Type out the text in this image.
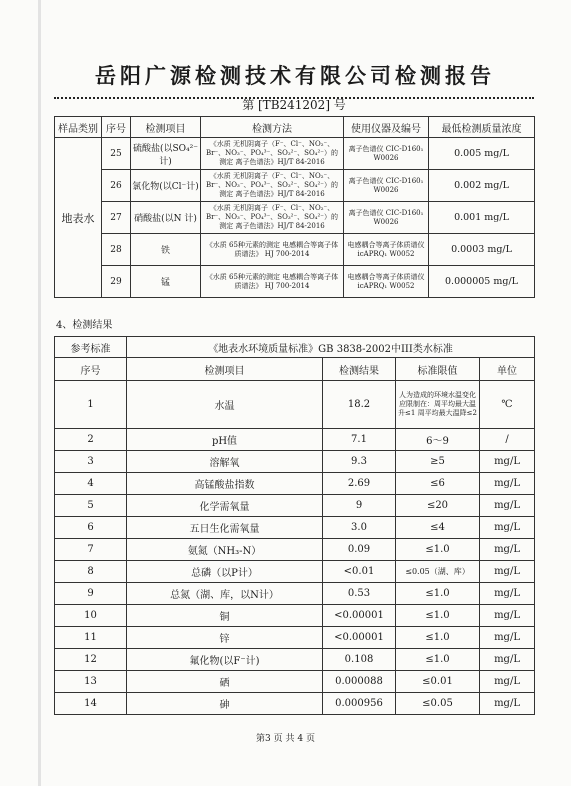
岳阳广源检测技术有限公司检测报告
第 [TB241202] 号
样品类别	序号	检测项目	检测方法	使用仪器及编号	最低检测质量浓度
地表水	25	硫酸盐(以SO₄²⁻计)	《水质 无机阴离子（F⁻、Cl⁻、NO₂⁻、Br⁻、NO₃⁻、PO₄³⁻、SO₃²⁻、SO₄²⁻）的测定 离子色谱法》HJ/T 84-2016	离子色谱仪 CIC-D160₁ W0026	0.005 mg/L
	26	氯化物(以Cl⁻计)	《水质 无机阴离子（F⁻、Cl⁻、NO₂⁻、Br⁻、NO₃⁻、PO₄³⁻、SO₃²⁻、SO₄²⁻）的测定 离子色谱法》HJ/T 84-2016	离子色谱仪 CIC-D160₁ W0026	0.002 mg/L
	27	硝酸盐(以N 计)	《水质 无机阴离子（F⁻、Cl⁻、NO₂⁻、Br⁻、NO₃⁻、PO₄³⁻、SO₃²⁻、SO₄²⁻）的测定 离子色谱法》HJ/T 84-2016	离子色谱仪 CIC-D160₁ W0026	0.001 mg/L
	28	铁	《水质 65种元素的测定 电感耦合等离子体质谱法》 HJ 700-2014	电感耦合等离子体质谱仪icAPRQ₁ W0052	0.0003 mg/L
	29	锰	《水质 65种元素的测定 电感耦合等离子体质谱法》 HJ 700-2014	电感耦合等离子体质谱仪icAPRQ₁ W0052	0.000005 mg/L
4、检测结果
参考标准	《地表水环境质量标准》GB 3838-2002中III类水标准			
序号	检测项目	检测结果	标准限值	单位
1	水温	18.2	人为造成的环境水温变化应限制在：周平均最大温升≤1 周平均最大温降≤2	℃
2	pH值	7.1	6～9	/
3	溶解氧	9.3	≥5	mg/L
4	高锰酸盐指数	2.69	≤6	mg/L
5	化学需氧量	9	≤20	mg/L
6	五日生化需氧量	3.0	≤4	mg/L
7	氨氮（NH₃-N）	0.09	≤1.0	mg/L
8	总磷（以P计）	<0.01	≤0.05（湖、库）	mg/L
9	总氮（湖、库，以N计）	0.53	≤1.0	mg/L
10	铜	<0.00001	≤1.0	mg/L
11	锌	<0.00001	≤1.0	mg/L
12	氟化物(以F⁻计)	0.108	≤1.0	mg/L
13	硒	0.000088	≤0.01	mg/L
14	砷	0.000956	≤0.05	mg/L
第3 页 共 4 页
